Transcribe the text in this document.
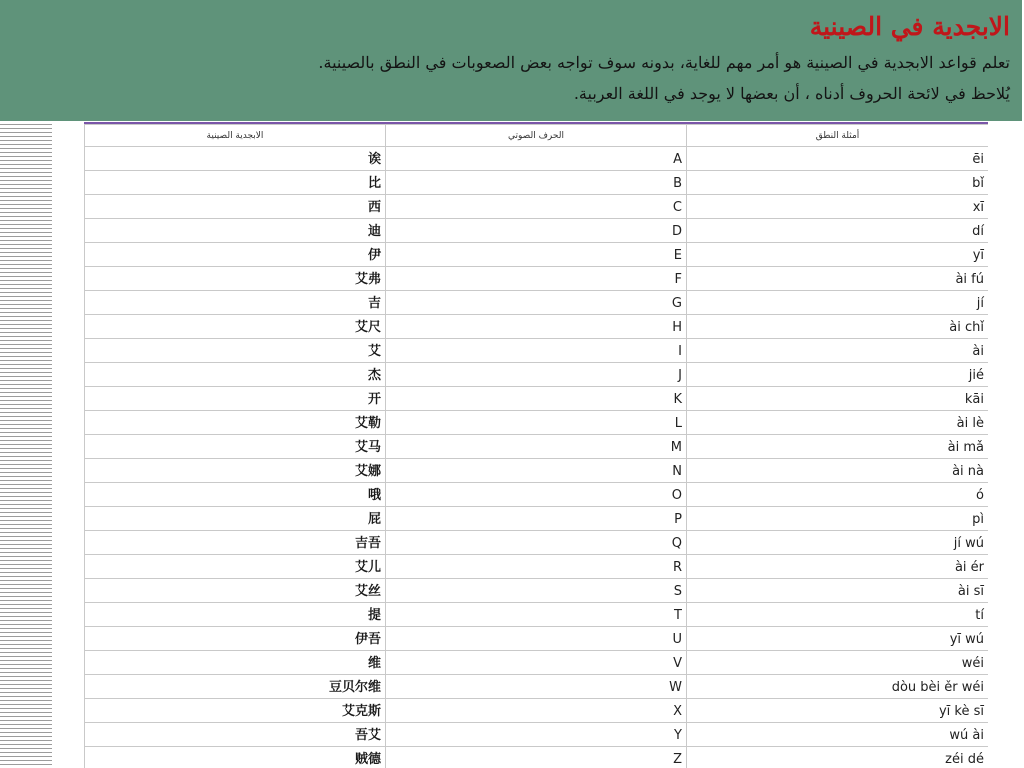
الابجدية في الصينية
تعلم قواعد الابجدية في الصينية هو أمر مهم للغاية، بدونه سوف تواجه بعض الصعوبات في النطق بالصينية.
يُلاحظ في لائحة الحروف أدناه ، أن بعضها لا يوجد في اللغة العربية.
الابجدية الصينية	الحرف الصوتي	أمثلة النطق
诶	A	ēi
比	B	bǐ
西	C	xī
迪	D	dí
伊	E	yī
艾弗	F	ài fú
吉	G	jí
艾尺	H	ài chǐ
艾	I	ài
杰	J	jié
开	K	kāi
艾勒	L	ài lè
艾马	M	ài mǎ
艾娜	N	ài nà
哦	O	ó
屁	P	pì
吉吾	Q	jí wú
艾儿	R	ài ér
艾丝	S	ài sī
提	T	tí
伊吾	U	yī wú
维	V	wéi
豆贝尔维	W	dòu bèi ěr wéi
艾克斯	X	yī kè sī
吾艾	Y	wú ài
贼德	Z	zéi dé
